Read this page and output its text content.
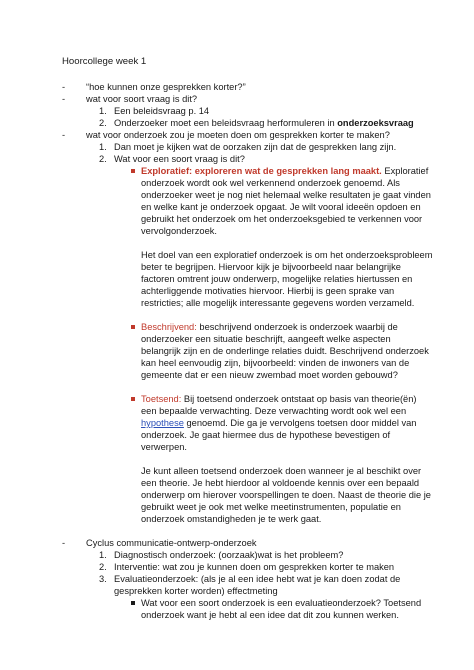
Hoorcollege week 1
- “hoe kunnen onze gesprekken korter?”
- wat voor soort vraag is dit?
1. Een beleidsvraag p. 14
2. Onderzoeker moet een beleidsvraag herformuleren in onderzoeksvraag
- wat voor onderzoek zou je moeten doen om gesprekken korter te maken?
1. Dan moet je kijken wat de oorzaken zijn dat de gesprekken lang zijn.
2. Wat voor een soort vraag is dit?
Exploratief: exploreren wat de gesprekken lang maakt. Exploratief
onderzoek wordt ook wel verkennend onderzoek genoemd. Als
onderzoeker weet je nog niet helemaal welke resultaten je gaat vinden
en welke kant je onderzoek opgaat. Je wilt vooral ideeën opdoen en
gebruikt het onderzoek om het onderzoeksgebied te verkennen voor
vervolgonderzoek.
Het doel van een exploratief onderzoek is om het onderzoeksprobleem
beter te begrijpen. Hiervoor kijk je bijvoorbeeld naar belangrijke
factoren omtrent jouw onderwerp, mogelijke relaties hiertussen en
achterliggende motivaties hiervoor. Hierbij is geen sprake van
restricties; alle mogelijk interessante gegevens worden verzameld.
Beschrijvend: beschrijvend onderzoek is onderzoek waarbij de
onderzoeker een situatie beschrijft, aangeeft welke aspecten
belangrijk zijn en de onderlinge relaties duidt. Beschrijvend onderzoek
kan heel eenvoudig zijn, bijvoorbeeld: vinden de inwoners van de
gemeente dat er een nieuw zwembad moet worden gebouwd?
Toetsend: Bij toetsend onderzoek ontstaat op basis van theorie(ën)
een bepaalde verwachting. Deze verwachting wordt ook wel een
hypothese genoemd. Die ga je vervolgens toetsen door middel van
onderzoek. Je gaat hiermee dus de hypothese bevestigen of
verwerpen.
Je kunt alleen toetsend onderzoek doen wanneer je al beschikt over
een theorie. Je hebt hierdoor al voldoende kennis over een bepaald
onderwerp om hierover voorspellingen te doen. Naast de theorie die je
gebruikt weet je ook met welke meetinstrumenten, populatie en
onderzoek omstandigheden je te werk gaat.
- Cyclus communicatie-ontwerp-onderzoek
1. Diagnostisch onderzoek: (oorzaak)wat is het probleem?
2. Interventie: wat zou je kunnen doen om gesprekken korter te maken
3. Evaluatieonderzoek: (als je al een idee hebt wat je kan doen zodat de
gesprekken korter worden) effectmeting
Wat voor een soort onderzoek is een evaluatieonderzoek? Toetsend
onderzoek want je hebt al een idee dat dit zou kunnen werken.
